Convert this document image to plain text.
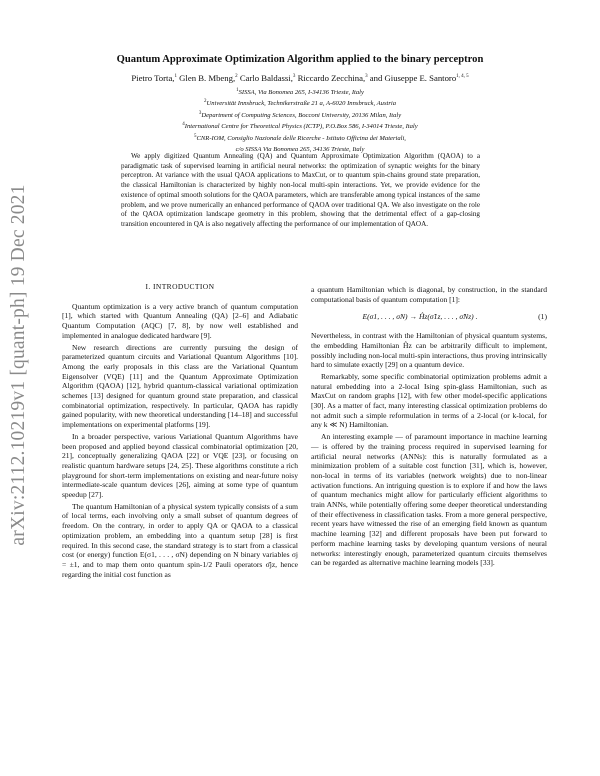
arXiv:2112.10219v1 [quant-ph] 19 Dec 2021
Quantum Approximate Optimization Algorithm applied to the binary perceptron
Pietro Torta,$^1$ Glen B. Mbeng,$^2$ Carlo Baldassi,$^3$ Riccardo Zecchina,$^3$ and Giuseppe E. Santoro$^{1, 4, 5}$
$^1$SISSA, Via Bonomea 265, I-34136 Trieste, Italy
$^2$Universität Innsbruck, Technikerstraße 21 a, A-6020 Innsbruck, Austria
$^3$Department of Computing Sciences, Bocconi University, 20136 Milan, Italy
$^4$International Centre for Theoretical Physics (ICTP), P.O.Box 586, I-34014 Trieste, Italy
$^5$CNR-IOM, Consiglio Nazionale delle Ricerche - Istituto Officina dei Materiali,
c/o SISSA Via Bonomea 265, 34136 Trieste, Italy

We apply digitized Quantum Annealing (QA) and Quantum Approximate Optimization Algorithm (QAOA) to a paradigmatic task of supervised learning in artificial neural networks: the optimization of synaptic weights for the binary perceptron. At variance with the usual QAOA applications to MaxCut, or to quantum spin-chains ground state preparation, the classical Hamiltonian is characterized by highly non-local multi-spin interactions. Yet, we provide evidence for the existence of optimal smooth solutions for the QAOA parameters, which are transferable among typical instances of the same problem, and we prove numerically an enhanced performance of QAOA over traditional QA. We also investigate on the role of the QAOA optimization landscape geometry in this problem, showing that the detrimental effect of a gap-closing transition encountered in QA is also negatively affecting the performance of our implementation of QAOA.

I. INTRODUCTION

Quantum optimization is a very active branch of quantum computation [1], which started with Quantum Annealing (QA) [2–6] and Adiabatic Quantum Computation (AQC) [7, 8], by now well established and implemented in analogue dedicated hardware [9].

New research directions are currently pursuing the design of parameterized quantum circuits and Variational Quantum Algorithms [10]. Among the early proposals in this class are the Variational Quantum Eigensolver (VQE) [11] and the Quantum Approximate Optimization Algorithm (QAOA) [12], hybrid quantum-classical variational optimization schemes [13] designed for quantum ground state preparation, and classical combinatorial optimization, respectively. In particular, QAOA has rapidly gained popularity, with new theoretical understanding [14–18] and successful implementations on experimental platforms [19].

In a broader perspective, various Variational Quantum Algorithms have been proposed and applied beyond classical combinatorial optimization [20, 21], conceptually generalizing QAOA [22] or VQE [23], or focusing on realistic quantum hardware setups [24, 25]. These algorithms constitute a rich playground for short-term implementations on existing and near-future noisy intermediate-scale quantum devices [26], aiming at some type of quantum speedup [27].

The quantum Hamiltonian of a physical system typically consists of a sum of local terms, each involving only a small subset of quantum degrees of freedom. On the contrary, in order to apply QA or QAOA to a classical optimization problem, an embedding into a quantum setup [28] is first required. In this second case, the standard strategy is to start from a classical cost (or energy) function E(σ1, . . . , σN) depending on N binary variables σj = ±1, and to map them onto quantum spin-1/2 Pauli operators σ̂jz, hence regarding the initial cost function as

a quantum Hamiltonian which is diagonal, by construction, in the standard computational basis of quantum computation [1]:

E(σ1, . . . , σN) → Ĥz(σ̂1z, . . . , σ̂Nz) .	(1)

Nevertheless, in contrast with the Hamiltonian of physical quantum systems, the embedding Hamiltonian Ĥz can be arbitrarily difficult to implement, possibly including non-local multi-spin interactions, thus proving intrinsically hard to simulate exactly [29] on a quantum device.

Remarkably, some specific combinatorial optimization problems admit a natural embedding into a 2-local Ising spin-glass Hamiltonian, such as MaxCut on random graphs [12], with few other model-specific applications [30]. As a matter of fact, many interesting classical optimization problems do not admit such a simple reformulation in terms of a 2-local (or k-local, for any k ≪ N) Hamiltonian.

An interesting example — of paramount importance in machine learning— is offered by the training process required in supervised learning for artificial neural networks (ANNs): this is naturally formulated as a minimization problem of a suitable cost function [31], which is, however, non-local in terms of its variables (network weights) due to non-linear activation functions. An intriguing question is to explore if and how the laws of quantum mechanics might allow for particularly efficient algorithms to train ANNs, while potentially offering some deeper theoretical understanding of their effectiveness in classification tasks. From a more general perspective, recent years have witnessed the rise of an emerging field known as quantum machine learning [32] and different proposals have been put forward to perform machine learning tasks by developing quantum versions of neural networks: interestingly enough, parameterized quantum circuits themselves can be regarded as alternative machine learning models [33].
